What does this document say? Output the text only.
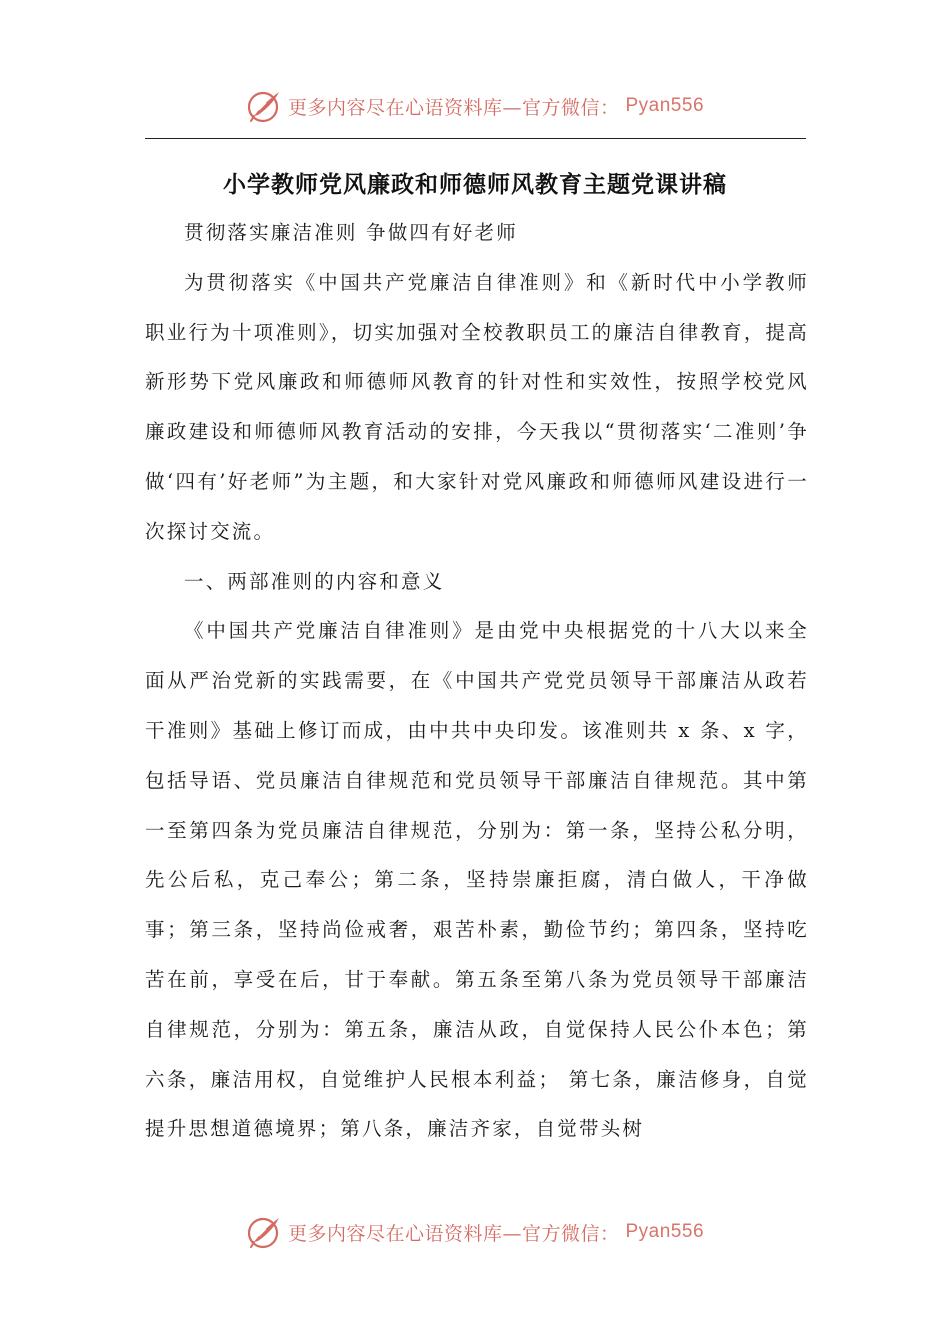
更多内容尽在心语资料库—官方微信： Pyan556
小学教师党风廉政和师德师风教育主题党课讲稿

贯彻落实廉洁准则 争做四有好老师

为贯彻落实《中国共产党廉洁自律准则》和《新时代中小学教师职业行为十项准则》，切实加强对全校教职员工的廉洁自律教育，提高新形势下党风廉政和师德师风教育的针对性和实效性，按照学校党风廉政建设和师德师风教育活动的安排，今天我以“贯彻落实‘二准则’争做‘四有’好老师”为主题，和大家针对党风廉政和师德师风建设进行一次探讨交流。

一、两部准则的内容和意义

《中国共产党廉洁自律准则》是由党中央根据党的十八大以来全面从严治党新的实践需要，在《中国共产党党员领导干部廉洁从政若干准则》基础上修订而成，由中共中央印发。该准则共 x 条、x 字，包括导语、党员廉洁自律规范和党员领导干部廉洁自律规范。其中第一至第四条为党员廉洁自律规范，分别为：第一条，坚持公私分明，先公后私，克己奉公；第二条，坚持崇廉拒腐，清白做人，干净做事；第三条，坚持尚俭戒奢，艰苦朴素，勤俭节约；第四条，坚持吃苦在前，享受在后，甘于奉献。第五条至第八条为党员领导干部廉洁自律规范，分别为：第五条，廉洁从政，自觉保持人民公仆本色；第六条，廉洁用权，自觉维护人民根本利益； 第七条，廉洁修身，自觉提升思想道德境界；第八条，廉洁齐家，自觉带头树

更多内容尽在心语资料库—官方微信： Pyan556
